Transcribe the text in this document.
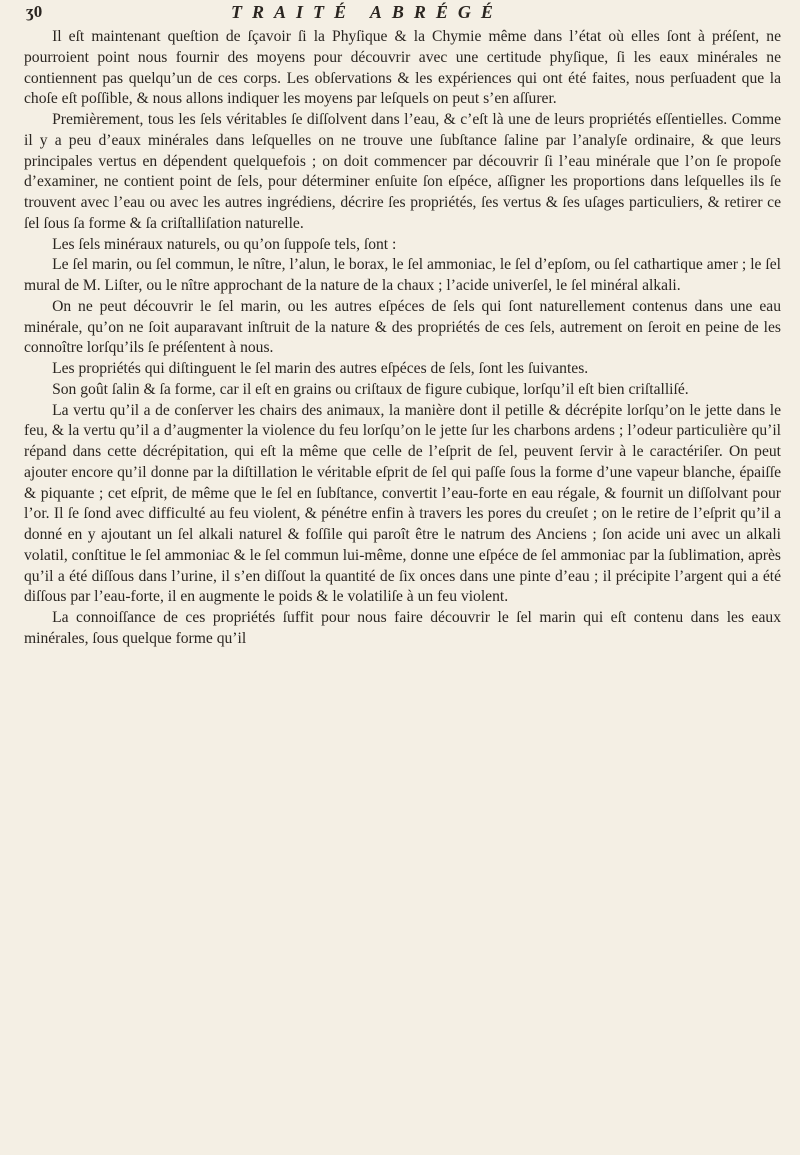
ʒ0	TRAITÉ ABRÉGÉ

Il eſt maintenant queſtion de ſçavoir ſi la Phyſique & la Chymie même dans l’état où elles ſont à préſent, ne pourroient point nous fournir des moyens pour découvrir avec une certitude phyſique, ſi les eaux minérales ne contiennent pas quelqu’un de ces corps. Les obſervations & les expériences qui ont été faites, nous perſuadent que la choſe eſt poſſible, & nous allons indiquer les moyens par leſquels on peut s’en aſſurer.

Premièrement, tous les ſels véritables ſe diſſolvent dans l’eau, & c’eſt là une de leurs propriétés eſſentielles. Comme il y a peu d’eaux minérales dans leſquelles on ne trouve une ſubſtance ſaline par l’analyſe ordinaire, & que leurs principales vertus en dépendent quelquefois ; on doit commencer par découvrir ſi l’eau minérale que l’on ſe propoſe d’examiner, ne contient point de ſels, pour déterminer enſuite ſon eſpéce, aſſigner les proportions dans leſquelles ils ſe trouvent avec l’eau ou avec les autres ingrédiens, décrire ſes propriétés, ſes vertus & ſes uſages particuliers, & retirer ce ſel ſous ſa forme & ſa criſtalliſation naturelle.

Les ſels minéraux naturels, ou qu’on ſuppoſe tels, ſont :

Le ſel marin, ou ſel commun, le nître, l’alun, le borax, le ſel ammoniac, le ſel d’epſom, ou ſel cathartique amer ; le ſel mural de M. Liſter, ou le nître approchant de la nature de la chaux ; l’acide univerſel, le ſel minéral alkali.

On ne peut découvrir le ſel marin, ou les autres eſpéces de ſels qui ſont naturellement contenus dans une eau minérale, qu’on ne ſoit auparavant inſtruit de la nature & des propriétés de ces ſels, autrement on ſeroit en peine de les connoître lorſqu’ils ſe préſentent à nous.

Les propriétés qui diſtinguent le ſel marin des autres eſpéces de ſels, ſont les ſuivantes.

Son goût ſalin & ſa forme, car il eſt en grains ou criſtaux de figure cubique, lorſqu’il eſt bien criſtalliſé.

La vertu qu’il a de conſerver les chairs des animaux, la manière dont il petille & décrépite lorſqu’on le jette dans le feu, & la vertu qu’il a d’augmenter la violence du feu lorſqu’on le jette ſur les charbons ardens ; l’odeur particulière qu’il répand dans cette décrépitation, qui eſt la même que celle de l’eſprit de ſel, peuvent ſervir à le caractériſer. On peut ajouter encore qu’il donne par la diſtillation le véritable eſprit de ſel qui paſſe ſous la forme d’une vapeur blanche, épaiſſe & piquante ; cet eſprit, de même que le ſel en ſubſtance, convertit l’eau-forte en eau régale, & fournit un diſſolvant pour l’or. Il ſe ſond avec difficulté au feu violent, & pénétre enfin à travers les pores du creuſet ; on le retire de l’eſprit qu’il a donné en y ajoutant un ſel alkali naturel & foſſile qui paroît être le natrum des Anciens ; ſon acide uni avec un alkali volatil, conſtitue le ſel ammoniac & le ſel commun lui-même, donne une eſpéce de ſel ammoniac par la ſublimation, après qu’il a été diſſous dans l’urine, il s’en diſſout la quantité de ſix onces dans une pinte d’eau ; il précipite l’argent qui a été diſſous par l’eau-forte, il en augmente le poids & le volatiliſe à un feu violent.

La connoiſſance de ces propriétés ſuffit pour nous faire découvrir le ſel marin qui eſt contenu dans les eaux minérales, ſous quelque forme qu’il
